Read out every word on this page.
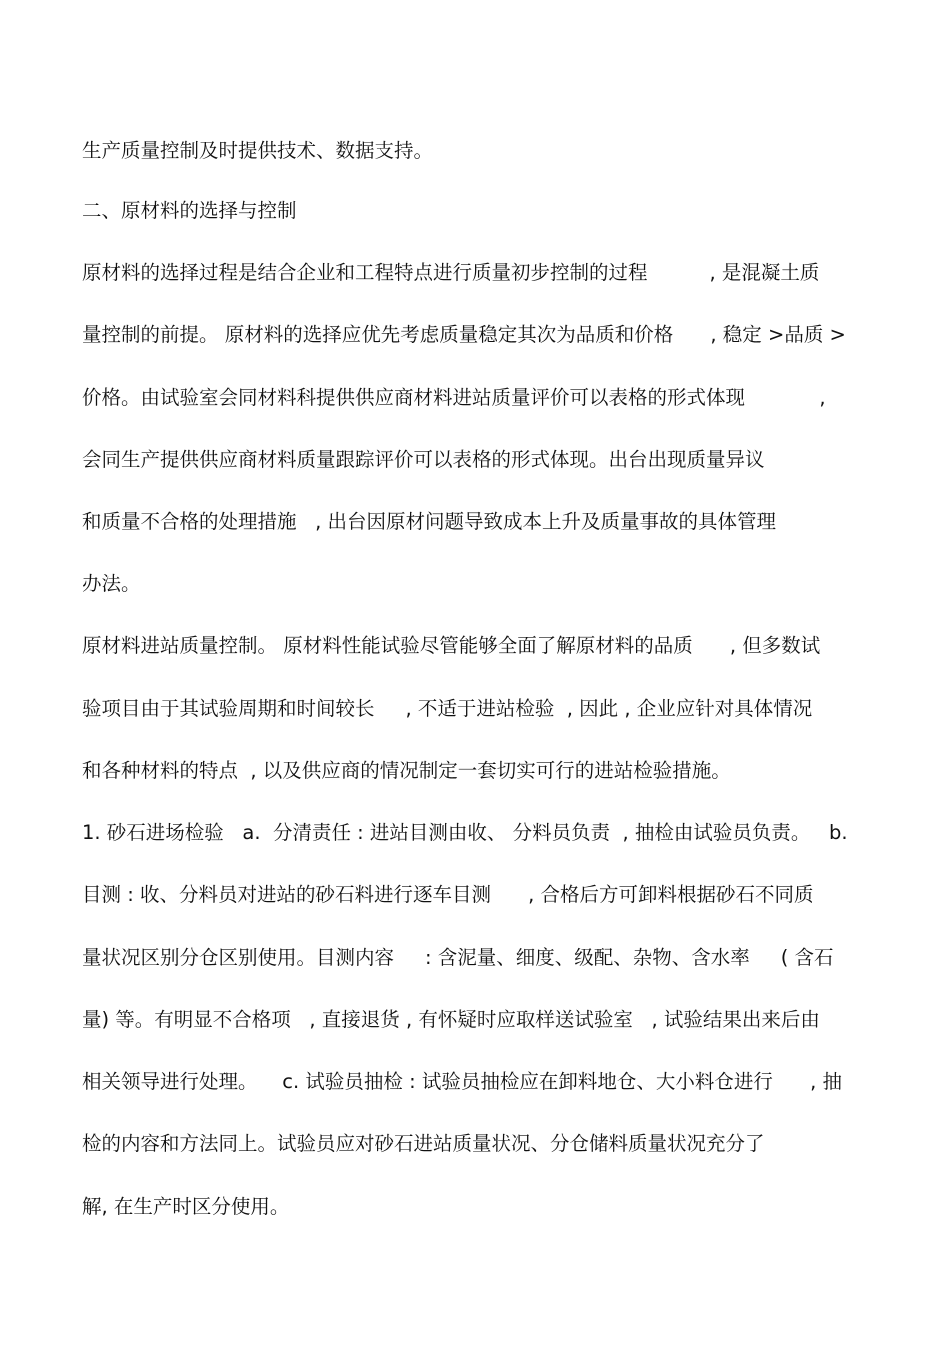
生产质量控制及时提供技术、数据支持。

二、原材料的选择与控制

原材料的选择过程是结合企业和工程特点进行质量初步控制的过程          , 是混凝土质

量控制的前提。 原材料的选择应优先考虑质量稳定其次为品质和价格      , 稳定 >品质 >

价格。由试验室会同材料科提供供应商材料进站质量评价可以表格的形式体现            ,

会同生产提供供应商材料质量跟踪评价可以表格的形式体现。出台出现质量异议

和质量不合格的处理措施   , 出台因原材问题导致成本上升及质量事故的具体管理

办法。

原材料进站质量控制。 原材料性能试验尽管能够全面了解原材料的品质      , 但多数试

验项目由于其试验周期和时间较长     , 不适于进站检验  , 因此 , 企业应针对具体情况

和各种材料的特点  , 以及供应商的情况制定一套切实可行的进站检验措施。

1. 砂石进场检验   a.  分清责任 : 进站目测由收、 分料员负责  , 抽检由试验员负责。   b.

目测 : 收、分料员对进站的砂石料进行逐车目测      , 合格后方可卸料根据砂石不同质

量状况区别分仓区别使用。目测内容     : 含泥量、细度、级配、杂物、含水率     ( 含石

量) 等。有明显不合格项   , 直接退货 , 有怀疑时应取样送试验室   , 试验结果出来后由

相关领导进行处理。    c. 试验员抽检 : 试验员抽检应在卸料地仓、大小料仓进行      , 抽

检的内容和方法同上。试验员应对砂石进站质量状况、分仓储料质量状况充分了

解, 在生产时区分使用。
